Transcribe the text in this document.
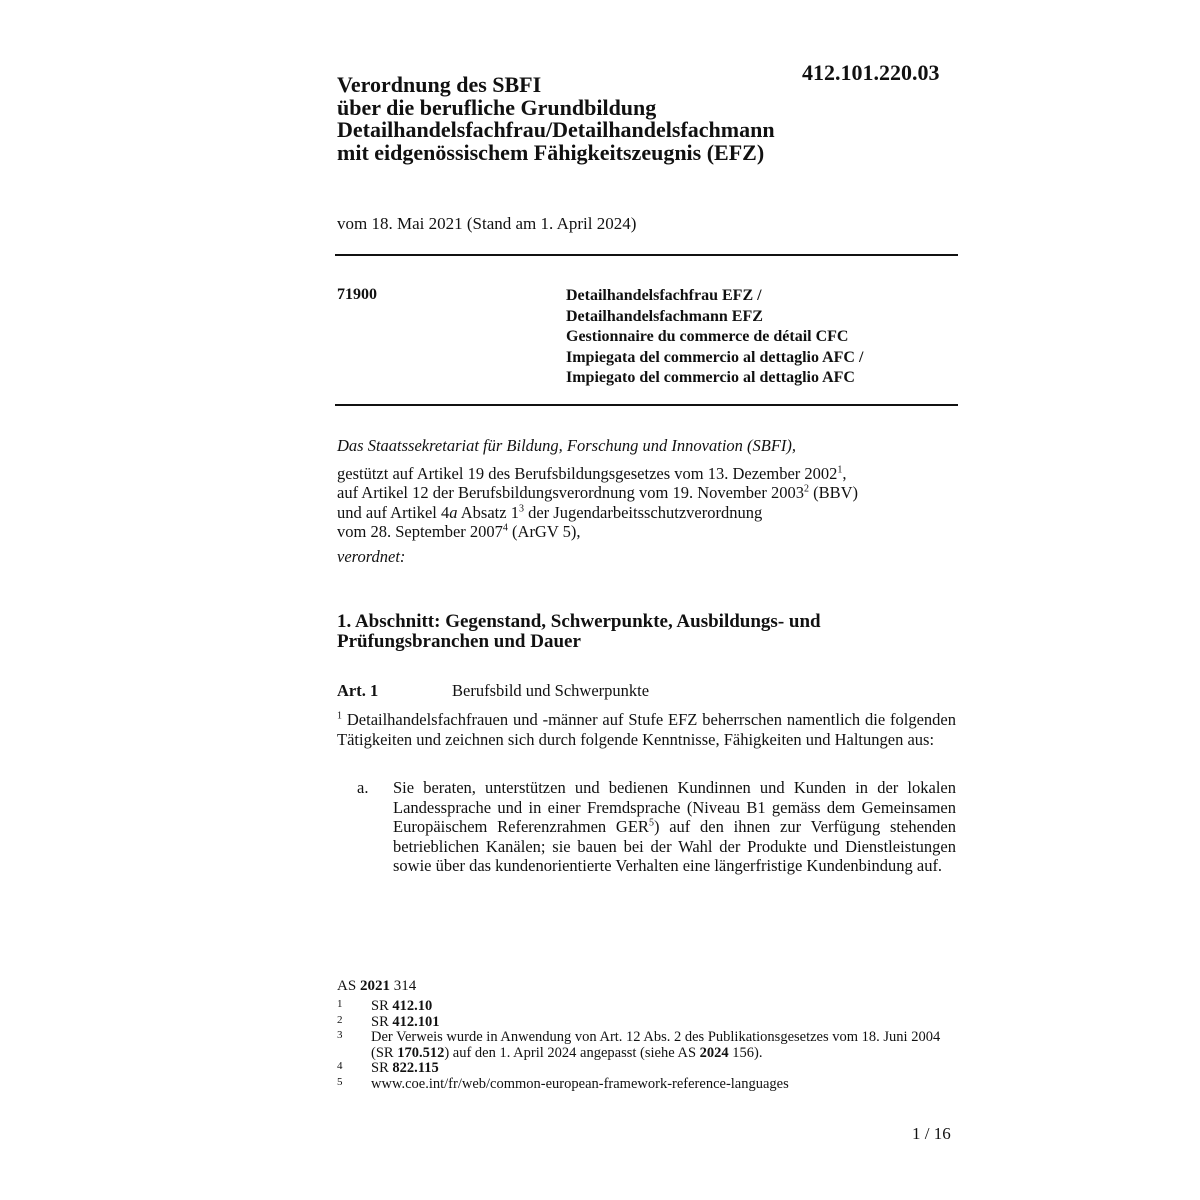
412.101.220.03
Verordnung des SBFI
über die berufliche Grundbildung
Detailhandelsfachfrau/Detailhandelsfachmann
mit eidgenössischem Fähigkeitszeugnis (EFZ)
vom 18. Mai 2021 (Stand am 1. April 2024)
71900	Detailhandelsfachfrau EFZ /
Detailhandelsfachmann EFZ
Gestionnaire du commerce de détail CFC
Impiegata del commercio al dettaglio AFC /
Impiegato del commercio al dettaglio AFC
Das Staatssekretariat für Bildung, Forschung und Innovation (SBFI),
gestützt auf Artikel 19 des Berufsbildungsgesetzes vom 13. Dezember 2002$^1$,
auf Artikel 12 der Berufsbildungsverordnung vom 19. November 2003$^2$ (BBV)
und auf Artikel 4a Absatz $1^3$ der Jugendarbeitsschutzverordnung
vom 28. September 2007$^4$ (ArGV 5),
verordnet:
1. Abschnitt: Gegenstand, Schwerpunkte, Ausbildungs- und
Prüfungsbranchen und Dauer
Art. 1	Berufsbild und Schwerpunkte
$^1$ Detailhandelsfachfrauen und -männer auf Stufe EFZ beherrschen namentlich die folgenden Tätigkeiten und zeichnen sich durch folgende Kenntnisse, Fähigkeiten und Haltungen aus:
a. Sie beraten, unterstützen und bedienen Kundinnen und Kunden in der lokalen Landessprache und in einer Fremdsprache (Niveau B1 gemäss dem Gemeinsamen Europäischem Referenzrahmen GER$^5$) auf den ihnen zur Verfügung stehenden betrieblichen Kanälen; sie bauen bei der Wahl der Produkte und Dienstleistungen sowie über das kundenorientierte Verhalten eine längerfristige Kundenbindung auf.
AS 2021 314
1 SR 412.10
2 SR 412.101
3 Der Verweis wurde in Anwendung von Art. 12 Abs. 2 des Publikationsgesetzes vom 18. Juni 2004 (SR 170.512) auf den 1. April 2024 angepasst (siehe AS 2024 156).
4 SR 822.115
5 www.coe.int/fr/web/common-european-framework-reference-languages
1 / 16
